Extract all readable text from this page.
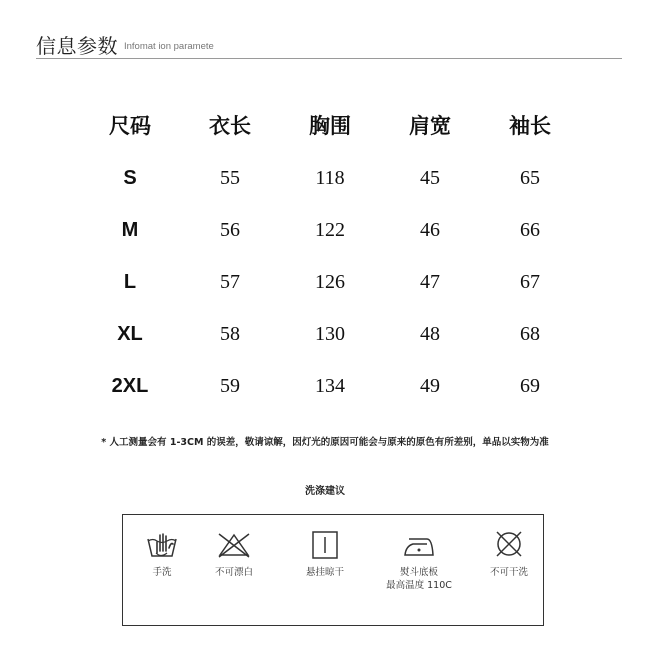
信息参数 Infomat ion paramete
尺码	衣长	胸围	肩宽	袖长
S	55	118	45	65
M	56	122	46	66
L	57	126	47	67
XL	58	130	48	68
2XL	59	134	49	69
* 人工测量会有 1-3CM 的误差，敬请谅解，因灯光的原因可能会与原来的原色有所差别，单品以实物为准
洗涤建议
手洗	不可漂白	悬挂晾干	熨斗底板
最高温度 110C
不可干洗
